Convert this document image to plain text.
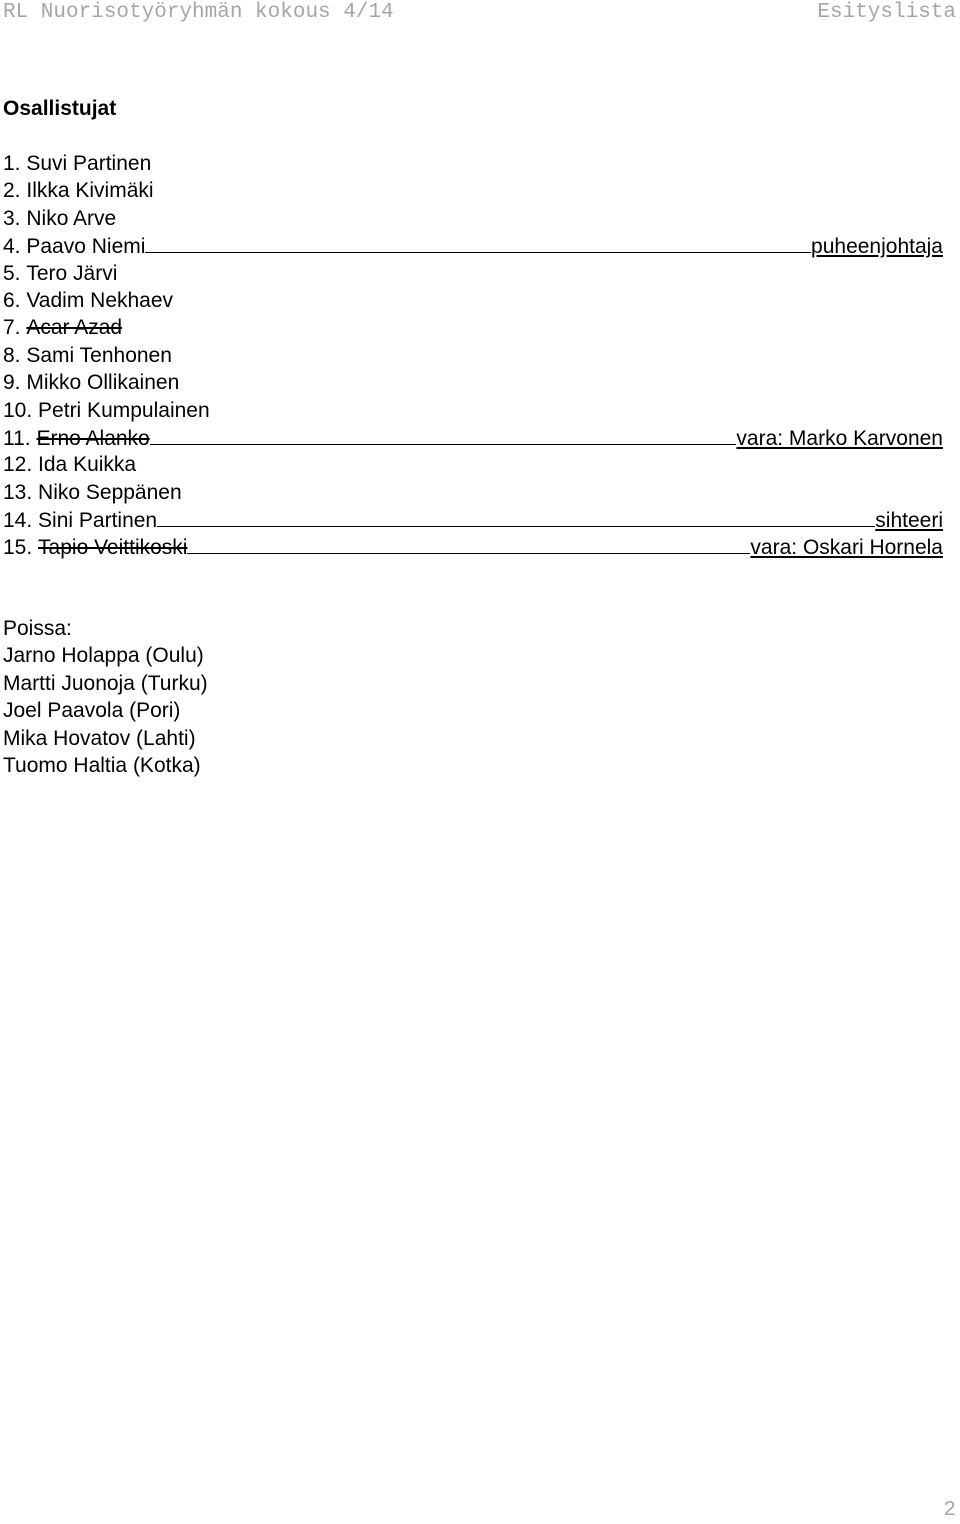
RL Nuorisotyöryhmän kokous 4/14	Esityslista
Osallistujat
1. Suvi Partinen
2. Ilkka Kivimäki
3. Niko Arve
4.
Paavo Niemi	puheenjohtaja
5. Tero Järvi
6. Vadim Nekhaev
7. Acar Azad
8. Sami Tenhonen
9. Mikko Ollikainen
10. Petri Kumpulainen
11.
Erno Alanko	vara: Marko Karvonen
12. Ida Kuikka
13. Niko Seppänen
14.
Sini Partinen	sihteeri
15.
Tapio Veittikoski	vara: Oskari Hornela
Poissa:
Jarno Holappa (Oulu)
Martti Juonoja (Turku)
Joel Paavola (Pori)
Mika Hovatov (Lahti)
Tuomo Haltia (Kotka)
2
